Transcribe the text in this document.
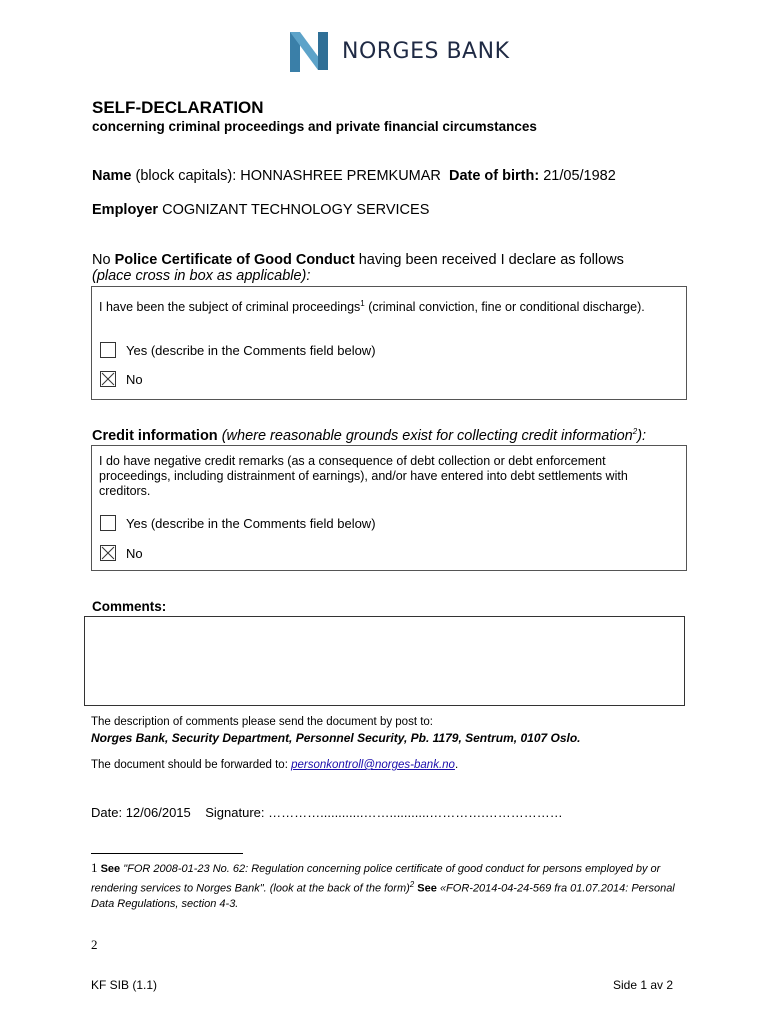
NORGES BANK
SELF-DECLARATION
concerning criminal proceedings and private financial circumstances
Name (block capitals): HONNASHREE PREMKUMAR Date of birth: 21/05/1982
Employer COGNIZANT TECHNOLOGY SERVICES
No Police Certificate of Good Conduct having been received I declare as follows
(place cross in box as applicable):
I have been the subject of criminal proceedings$^1$ (criminal conviction, fine or conditional discharge).
Yes (describe in the Comments field below)
No
Credit information (where reasonable grounds exist for collecting credit information$^2$):
I do have negative credit remarks (as a consequence of debt collection or debt enforcement proceedings, including distrainment of earnings), and/or have entered into debt settlements with creditors.
Yes (describe in the Comments field below)
No
Comments:
The description of comments please send the document by post to:
Norges Bank, Security Department, Personnel Security, Pb. 1179, Sentrum, 0107 Oslo.
The document should be forwarded to: personkontroll@norges-bank.no.
Date: 12/06/2015 Signature: …………............……...........………….………………
1 See "FOR 2008-01-23 No. 62: Regulation concerning police certificate of good conduct for persons employed by or rendering services to Norges Bank". (look at the back of the form)$^2$ See «FOR-2014-04-24-569 fra 01.07.2014: Personal Data Regulations, section 4-3.
2
KF SIB (1.1)	Side 1 av 2
